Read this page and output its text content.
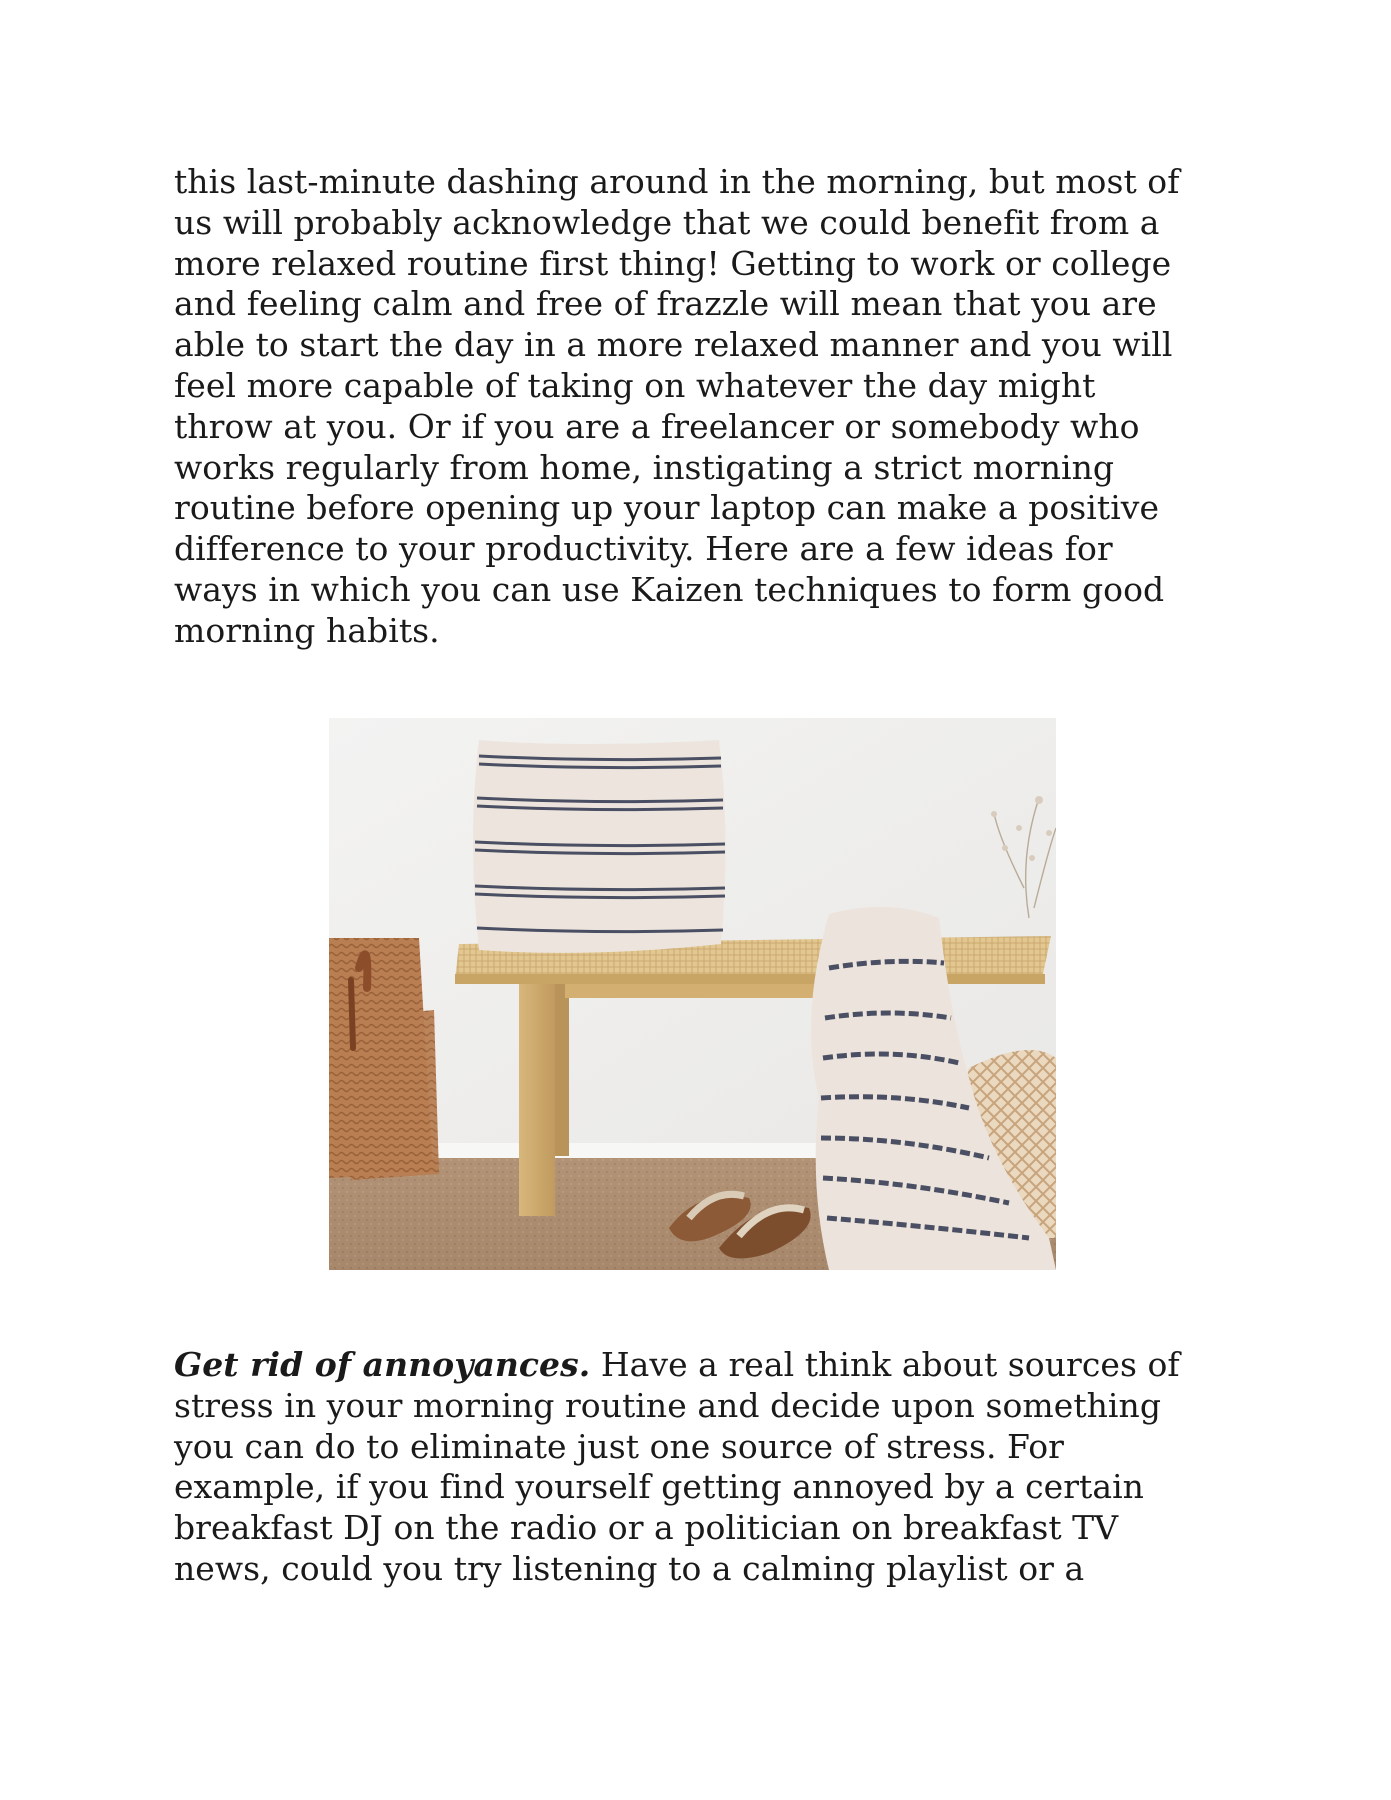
this last-minute dashing around in the morning, but most of
us will probably acknowledge that we could benefit from a
more relaxed routine first thing! Getting to work or college
and feeling calm and free of frazzle will mean that you are
able to start the day in a more relaxed manner and you will
feel more capable of taking on whatever the day might
throw at you. Or if you are a freelancer or somebody who
works regularly from home, instigating a strict morning
routine before opening up your laptop can make a positive
difference to your productivity. Here are a few ideas for
ways in which you can use Kaizen techniques to form good
morning habits.

Get rid of annoyances. Have a real think about sources of
stress in your morning routine and decide upon something
you can do to eliminate just one source of stress. For
example, if you find yourself getting annoyed by a certain
breakfast DJ on the radio or a politician on breakfast TV
news, could you try listening to a calming playlist or a
